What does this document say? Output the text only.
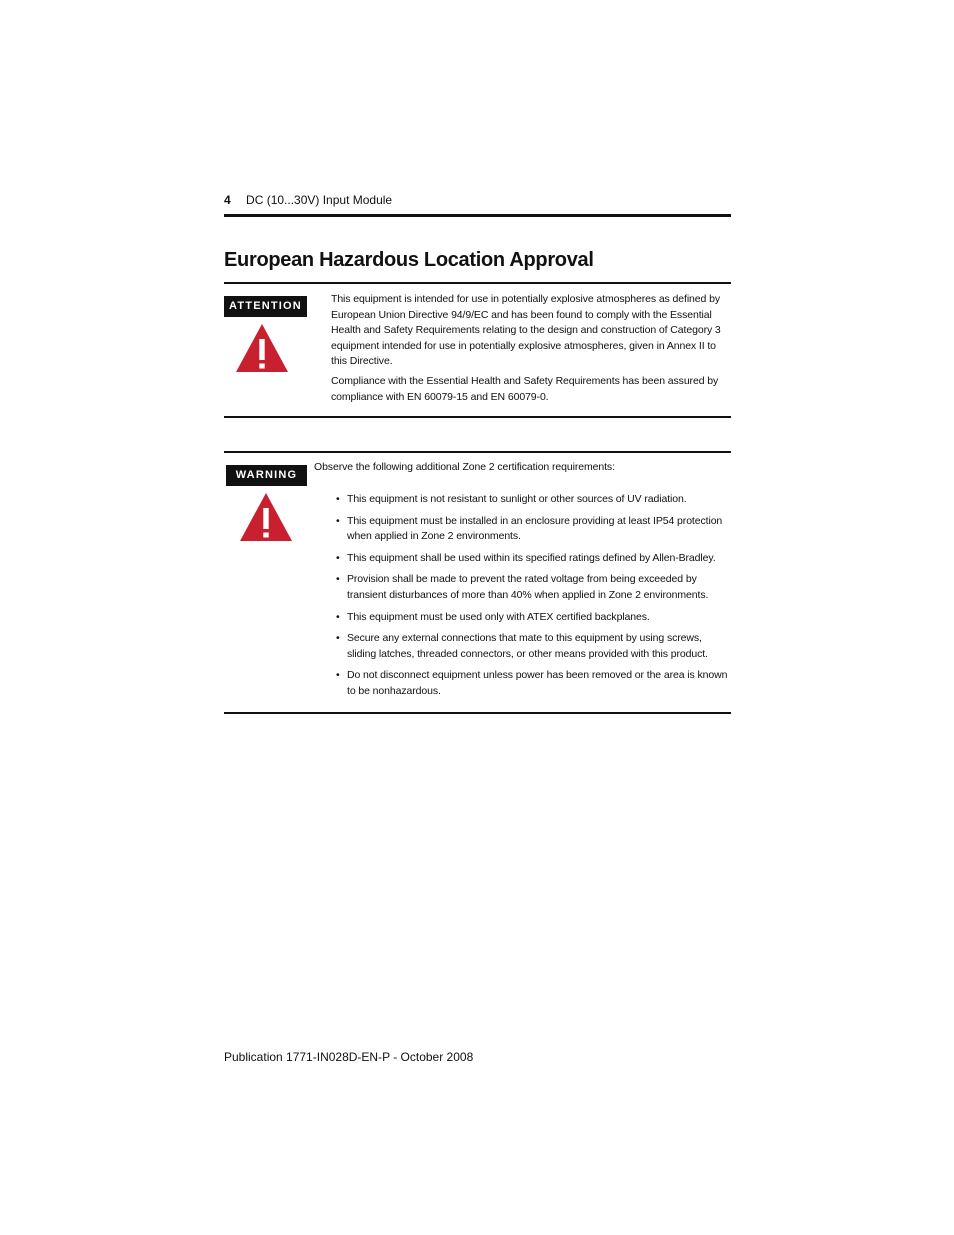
4 DC (10...30V) Input Module
European Hazardous Location Approval
ATTENTION

This equipment is intended for use in potentially explosive atmospheres as defined by European Union Directive 94/9/EC and has been found to comply with the Essential Health and Safety Requirements relating to the design and construction of Category 3 equipment intended for use in potentially explosive atmospheres, given in Annex II to this Directive.

Compliance with the Essential Health and Safety Requirements has been assured by compliance with EN 60079-15 and EN 60079-0.

WARNING
Observe the following additional Zone 2 certification requirements:
• This equipment is not resistant to sunlight or other sources of UV radiation.
• This equipment must be installed in an enclosure providing at least IP54 protection when applied in Zone 2 environments.
• This equipment shall be used within its specified ratings defined by Allen-Bradley.
• Provision shall be made to prevent the rated voltage from being exceeded by transient disturbances of more than 40% when applied in Zone 2 environments.
• This equipment must be used only with ATEX certified backplanes.
• Secure any external connections that mate to this equipment by using screws, sliding latches, threaded connectors, or other means provided with this product.
• Do not disconnect equipment unless power has been removed or the area is known to be nonhazardous.
Publication 1771-IN028D-EN-P - October 2008
